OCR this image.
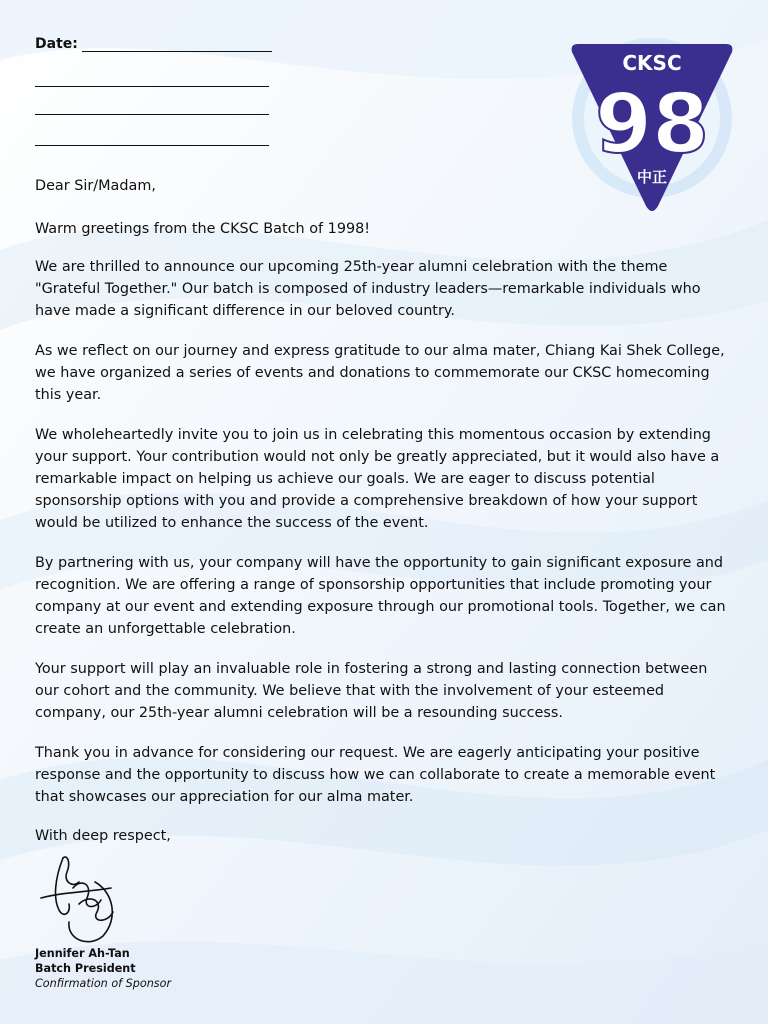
Date:
CKSC
98
中正
Dear Sir/Madam,

Warm greetings from the CKSC Batch of 1998!

We are thrilled to announce our upcoming 25th-year alumni celebration with the theme "Grateful Together." Our batch is composed of industry leaders—remarkable individuals who have made a significant difference in our beloved country.

As we reflect on our journey and express gratitude to our alma mater, Chiang Kai Shek College, we have organized a series of events and donations to commemorate our CKSC homecoming this year.

We wholeheartedly invite you to join us in celebrating this momentous occasion by extending your support. Your contribution would not only be greatly appreciated, but it would also have a remarkable impact on helping us achieve our goals. We are eager to discuss potential sponsorship options with you and provide a comprehensive breakdown of how your support would be utilized to enhance the success of the event.

By partnering with us, your company will have the opportunity to gain significant exposure and recognition. We are offering a range of sponsorship opportunities that include promoting your company at our event and extending exposure through our promotional tools. Together, we can create an unforgettable celebration.

Your support will play an invaluable role in fostering a strong and lasting connection between our cohort and the community. We believe that with the involvement of your esteemed company, our 25th-year alumni celebration will be a resounding success.

Thank you in advance for considering our request. We are eagerly anticipating your positive response and the opportunity to discuss how we can collaborate to create a memorable event that showcases our appreciation for our alma mater.

With deep respect,
Jennifer Ah-Tan
Batch President
Confirmation of Sponsor
